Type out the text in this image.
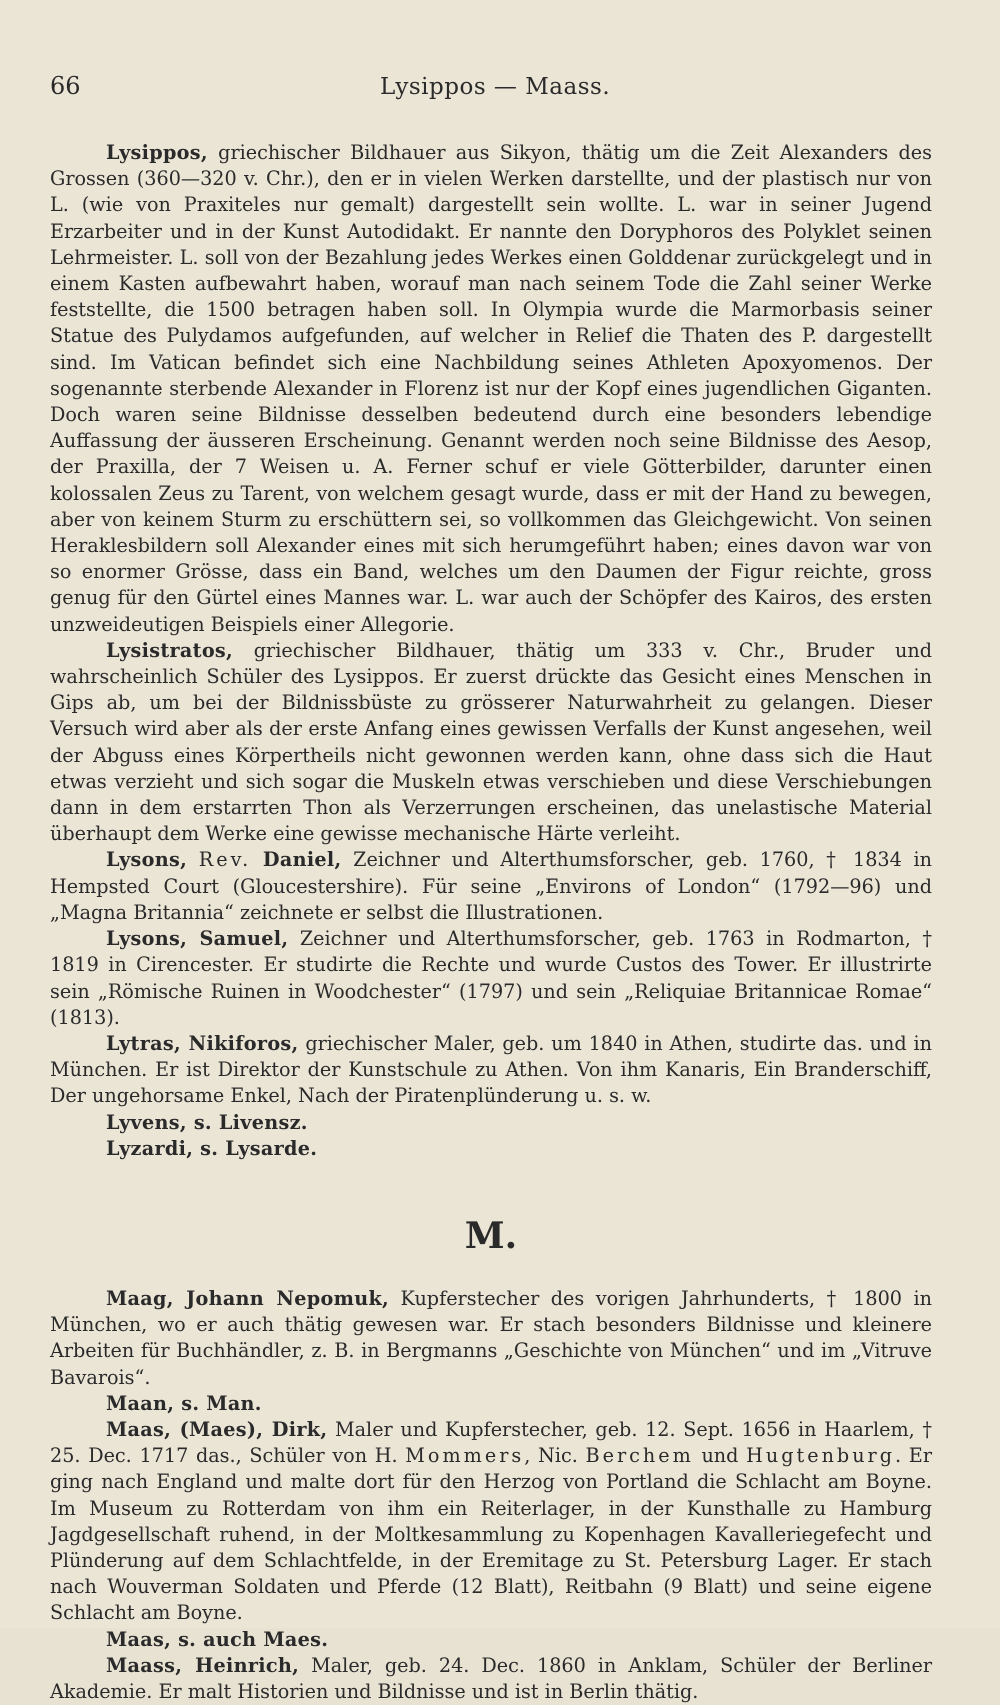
66	Lysippos — Maass.

Lysippos, griechischer Bildhauer aus Sikyon, thätig um die Zeit Alexanders des Grossen (360—320 v. Chr.), den er in vielen Werken darstellte, und der plastisch nur von L. (wie von Praxiteles nur gemalt) dargestellt sein wollte. L. war in seiner Jugend Erzarbeiter und in der Kunst Autodidakt. Er nannte den Doryphoros des Polyklet seinen Lehrmeister. L. soll von der Bezahlung jedes Werkes einen Golddenar zurückgelegt und in einem Kasten aufbewahrt haben, worauf man nach seinem Tode die Zahl seiner Werke feststellte, die 1500 betragen haben soll. In Olympia wurde die Marmorbasis seiner Statue des Pulydamos aufgefunden, auf welcher in Relief die Thaten des P. dargestellt sind. Im Vatican befindet sich eine Nachbildung seines Athleten Apoxyomenos. Der sogenannte sterbende Alexander in Florenz ist nur der Kopf eines jugendlichen Giganten. Doch waren seine Bildnisse desselben bedeutend durch eine besonders lebendige Auffassung der äusseren Erscheinung. Genannt werden noch seine Bildnisse des Aesop, der Praxilla, der 7 Weisen u. A. Ferner schuf er viele Götterbilder, darunter einen kolossalen Zeus zu Tarent, von welchem gesagt wurde, dass er mit der Hand zu bewegen, aber von keinem Sturm zu erschüttern sei, so vollkommen das Gleichgewicht. Von seinen Heraklesbildern soll Alexander eines mit sich herumgeführt haben; eines davon war von so enormer Grösse, dass ein Band, welches um den Daumen der Figur reichte, gross genug für den Gürtel eines Mannes war. L. war auch der Schöpfer des Kairos, des ersten unzweideutigen Beispiels einer Allegorie.

Lysistratos, griechischer Bildhauer, thätig um 333 v. Chr., Bruder und wahrscheinlich Schüler des Lysippos. Er zuerst drückte das Gesicht eines Menschen in Gips ab, um bei der Bildnissbüste zu grösserer Naturwahrheit zu gelangen. Dieser Versuch wird aber als der erste Anfang eines gewissen Verfalls der Kunst angesehen, weil der Abguss eines Körpertheils nicht gewonnen werden kann, ohne dass sich die Haut etwas verzieht und sich sogar die Muskeln etwas verschieben und diese Verschiebungen dann in dem erstarrten Thon als Verzerrungen erscheinen, das unelastische Material überhaupt dem Werke eine gewisse mechanische Härte verleiht.

Lysons, Rev. Daniel, Zeichner und Alterthumsforscher, geb. 1760, † 1834 in Hempsted Court (Gloucestershire). Für seine „Environs of London“ (1792—96) und „Magna Britannia“ zeichnete er selbst die Illustrationen.

Lysons, Samuel, Zeichner und Alterthumsforscher, geb. 1763 in Rodmarton, † 1819 in Cirencester. Er studirte die Rechte und wurde Custos des Tower. Er illustrirte sein „Römische Ruinen in Woodchester“ (1797) und sein „Reliquiae Britannicae Romae“ (1813).

Lytras, Nikiforos, griechischer Maler, geb. um 1840 in Athen, studirte das. und in München. Er ist Direktor der Kunstschule zu Athen. Von ihm Kanaris, Ein Branderschiff, Der ungehorsame Enkel, Nach der Piratenplünderung u. s. w.

Lyvens, s. Livensz.

Lyzardi, s. Lysarde.

M.

Maag, Johann Nepomuk, Kupferstecher des vorigen Jahrhunderts, † 1800 in München, wo er auch thätig gewesen war. Er stach besonders Bildnisse und kleinere Arbeiten für Buchhändler, z. B. in Bergmanns „Geschichte von München“ und im „Vitruve Bavarois“.

Maan, s. Man.

Maas, (Maes), Dirk, Maler und Kupferstecher, geb. 12. Sept. 1656 in Haarlem, † 25. Dec. 1717 das., Schüler von H. Mommers, Nic. Berchem und Hugtenburg. Er ging nach England und malte dort für den Herzog von Portland die Schlacht am Boyne. Im Museum zu Rotterdam von ihm ein Reiterlager, in der Kunsthalle zu Hamburg Jagdgesellschaft ruhend, in der Moltkesammlung zu Kopenhagen Kavalleriegefecht und Plünderung auf dem Schlachtfelde, in der Eremitage zu St. Petersburg Lager. Er stach nach Wouverman Soldaten und Pferde (12 Blatt), Reitbahn (9 Blatt) und seine eigene Schlacht am Boyne.

Maas, s. auch Maes.

Maass, Heinrich, Maler, geb. 24. Dec. 1860 in Anklam, Schüler der Berliner Akademie. Er malt Historien und Bildnisse und ist in Berlin thätig.
